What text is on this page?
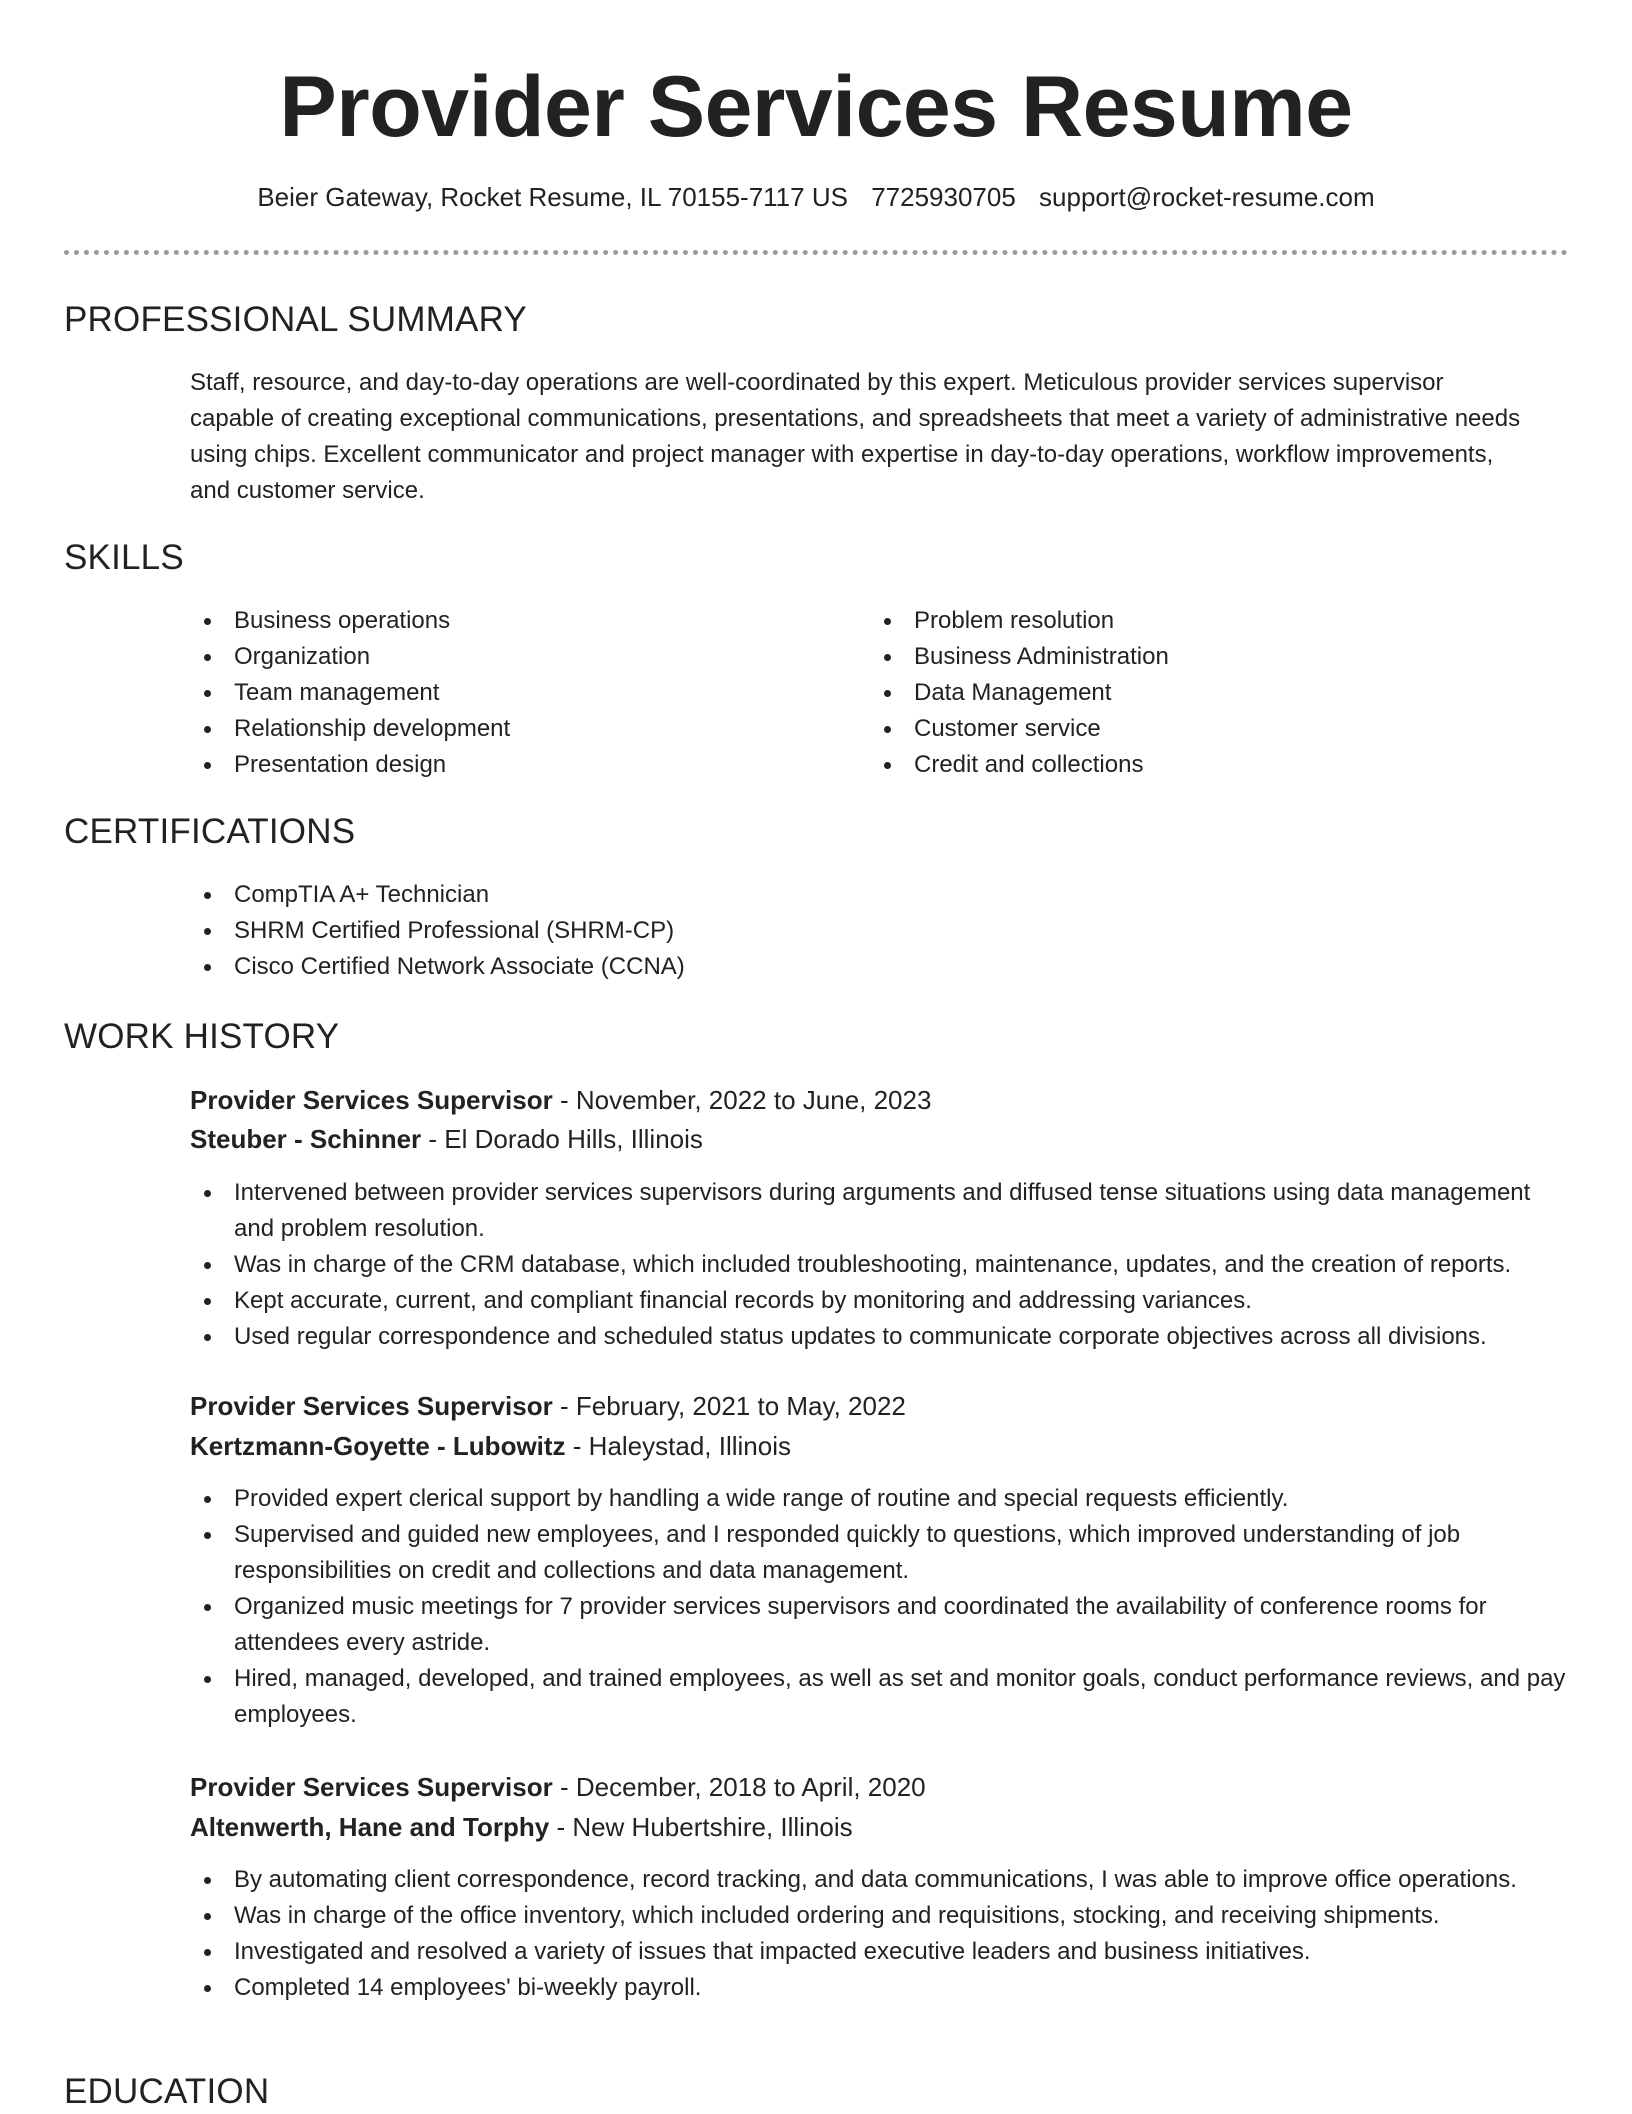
Provider Services Resume
Beier Gateway, Rocket Resume, IL 70155-7117 US 7725930705 support@rocket-resume.com
PROFESSIONAL SUMMARY
Staff, resource, and day-to-day operations are well-coordinated by this expert. Meticulous provider services supervisor capable of creating exceptional communications, presentations, and spreadsheets that meet a variety of administrative needs using chips. Excellent communicator and project manager with expertise in day-to-day operations, workflow improvements, and customer service.
SKILLS
Business operations
Organization
Team management
Relationship development
Presentation design
Problem resolution
Business Administration
Data Management
Customer service
Credit and collections
CERTIFICATIONS
CompTIA A+ Technician
SHRM Certified Professional (SHRM-CP)
Cisco Certified Network Associate (CCNA)
WORK HISTORY
Provider Services Supervisor - November, 2022 to June, 2023
Steuber - Schinner - El Dorado Hills, Illinois
Intervened between provider services supervisors during arguments and diffused tense situations using data management and problem resolution.
Was in charge of the CRM database, which included troubleshooting, maintenance, updates, and the creation of reports.
Kept accurate, current, and compliant financial records by monitoring and addressing variances.
Used regular correspondence and scheduled status updates to communicate corporate objectives across all divisions.
Provider Services Supervisor - February, 2021 to May, 2022
Kertzmann-Goyette - Lubowitz - Haleystad, Illinois
Provided expert clerical support by handling a wide range of routine and special requests efficiently.
Supervised and guided new employees, and I responded quickly to questions, which improved understanding of job responsibilities on credit and collections and data management.
Organized music meetings for 7 provider services supervisors and coordinated the availability of conference rooms for attendees every astride.
Hired, managed, developed, and trained employees, as well as set and monitor goals, conduct performance reviews, and pay employees.
Provider Services Supervisor - December, 2018 to April, 2020
Altenwerth, Hane and Torphy - New Hubertshire, Illinois
By automating client correspondence, record tracking, and data communications, I was able to improve office operations.
Was in charge of the office inventory, which included ordering and requisitions, stocking, and receiving shipments.
Investigated and resolved a variety of issues that impacted executive leaders and business initiatives.
Completed 14 employees' bi-weekly payroll.
EDUCATION
